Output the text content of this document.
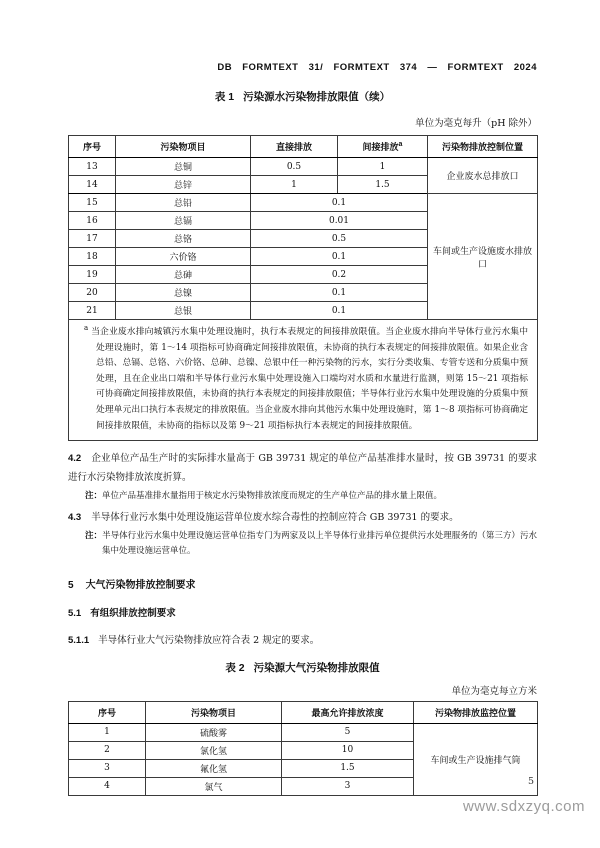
DB FORMTEXT 31/ FORMTEXT 374 — FORMTEXT 2024
表 1 污染源水污染物排放限值（续）
单位为毫克每升（pH 除外）
序号	污染物项目	直接排放	间接排放$^a$	污染物排放控制位置
13	总铜	0.5	1	企业废水总排放口
14	总锌	1	1.5	
15	总铅	0.1		车间或生产设施废水排放口
16	总镉	0.01		
17	总铬	0.5		
18	六价铬	0.1		
19	总砷	0.2		
20	总镍	0.1		
21	总银	0.1		
$^a$ 当企业废水排向城镇污水集中处理设施时，执行本表规定的间接排放限值。当企业废水排向半导体行业污水集中处理设施时，第 1～14 项指标可协商确定间接排放限值，未协商的执行本表规定的间接排放限值。如果企业含总铅、总镉、总铬、六价铬、总砷、总镍、总银中任一种污染物的污水，实行分类收集、专管专送和分质集中预处理，且在企业出口端和半导体行业污水集中处理设施入口端均对水质和水量进行监测，则第 15～21 项指标可协商确定间接排放限值，未协商的执行本表规定的间接排放限值；半导体行业污水集中处理设施的分质集中预处理单元出口执行本表规定的排放限值。当企业废水排向其他污水集中处理设施时，第 1～8 项指标可协商确定间接排放限值，未协商的指标以及第 9～21 项指标执行本表规定的间接排放限值。				
4.2 企业单位产品生产时的实际排水量高于 GB 39731 规定的单位产品基准排水量时，按 GB 39731 的要求进行水污染物排放浓度折算。
注：单位产品基准排水量指用于核定水污染物排放浓度而规定的生产单位产品的排水量上限值。
4.3 半导体行业污水集中处理设施运营单位废水综合毒性的控制应符合 GB 39731 的要求。
注：半导体行业污水集中处理设施运营单位指专门为两家及以上半导体行业排污单位提供污水处理服务的（第三方）污水集中处理设施运营单位。
5 大气污染物排放控制要求
5.1 有组织排放控制要求
5.1.1 半导体行业大气污染物排放应符合表 2 规定的要求。
表 2 污染源大气污染物排放限值
单位为毫克每立方米
序号	污染物项目	最高允许排放浓度	污染物排放监控位置
1	硫酸雾	5	车间或生产设施排气筒
2	氯化氢	10	
3	氟化氢	1.5	
4	氯气	3		5
www.sdxzyq.com
